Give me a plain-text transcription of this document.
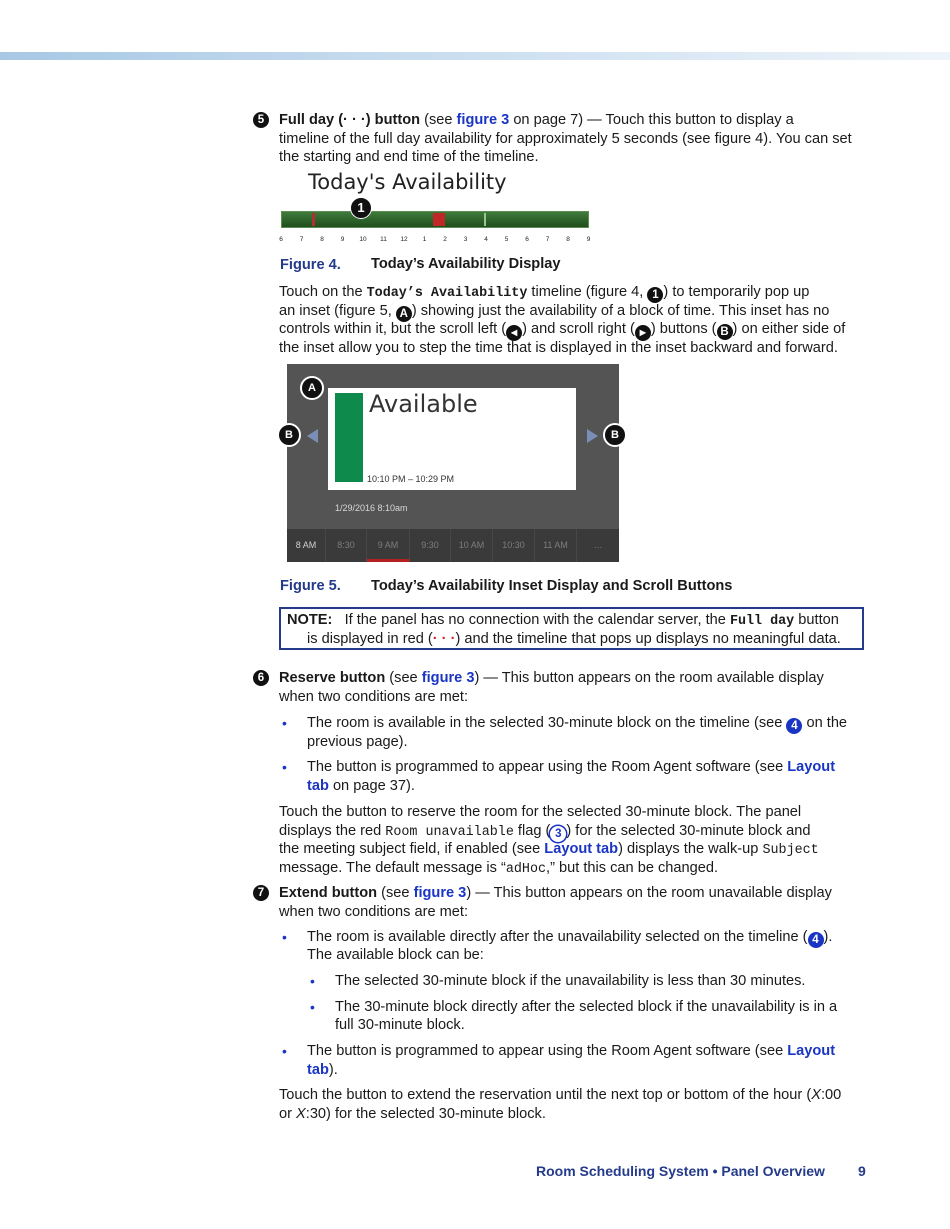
5	Full day (· · ·) button (see figure 3 on page 7) — Touch this button to display a

timeline of the full day availability for approximately 5 seconds (see figure 4). You can set

the starting and end time of the timeline.

Today's Availability
1
6	7	8	9	10	11	12	1	2	3	4	5	6	7	8	9
Figure 4. Today’s Availability Display

Touch on the Today’s Availability timeline (figure 4, 1 ) to temporarily pop up

an inset (figure 5, A ) showing just the availability of a block of time. This inset has no

controls within it, but the scroll left ( ◀ ) and scroll right ( ▶ ) buttons ( B ) on either side of

the inset allow you to step the time that is displayed in the inset backward and forward.

Available
10:10 PM – 10:29 PM
1/29/2016 8:10am
8 AM	8:30	9 AM	9:30	10 AM	10:30	11 AM	…
A
B	B
Figure 5. Today’s Availability Inset Display and Scroll Buttons

NOTE: If the panel has no connection with the calendar server, the Full day button

is displayed in red (· · ·) and the timeline that pops up displays no meaningful data.

6	Reserve button (see figure 3) — This button appears on the room available display

when two conditions are met:

• The room is available in the selected 30-minute block on the timeline (see 4 on the

previous page).

• The button is programmed to appear using the Room Agent software (see Layout

tab on page 37).

Touch the button to reserve the room for the selected 30-minute block. The panel

displays the red Room unavailable flag ( 3 ) for the selected 30-minute block and

the meeting subject field, if enabled (see Layout tab) displays the walk-up Subject

message. The default message is “adHoc,” but this can be changed.

7	Extend button (see figure 3) — This button appears on the room unavailable display

when two conditions are met:

• The room is available directly after the unavailability selected on the timeline ( 4 ).

The available block can be:

• The selected 30-minute block if the unavailability is less than 30 minutes.

• The 30-minute block directly after the selected block if the unavailability is in a

full 30-minute block.

• The button is programmed to appear using the Room Agent software (see Layout

tab).

Touch the button to extend the reservation until the next top or bottom of the hour (X:00

or X:30) for the selected 30-minute block.

Room Scheduling System • Panel Overview 9
